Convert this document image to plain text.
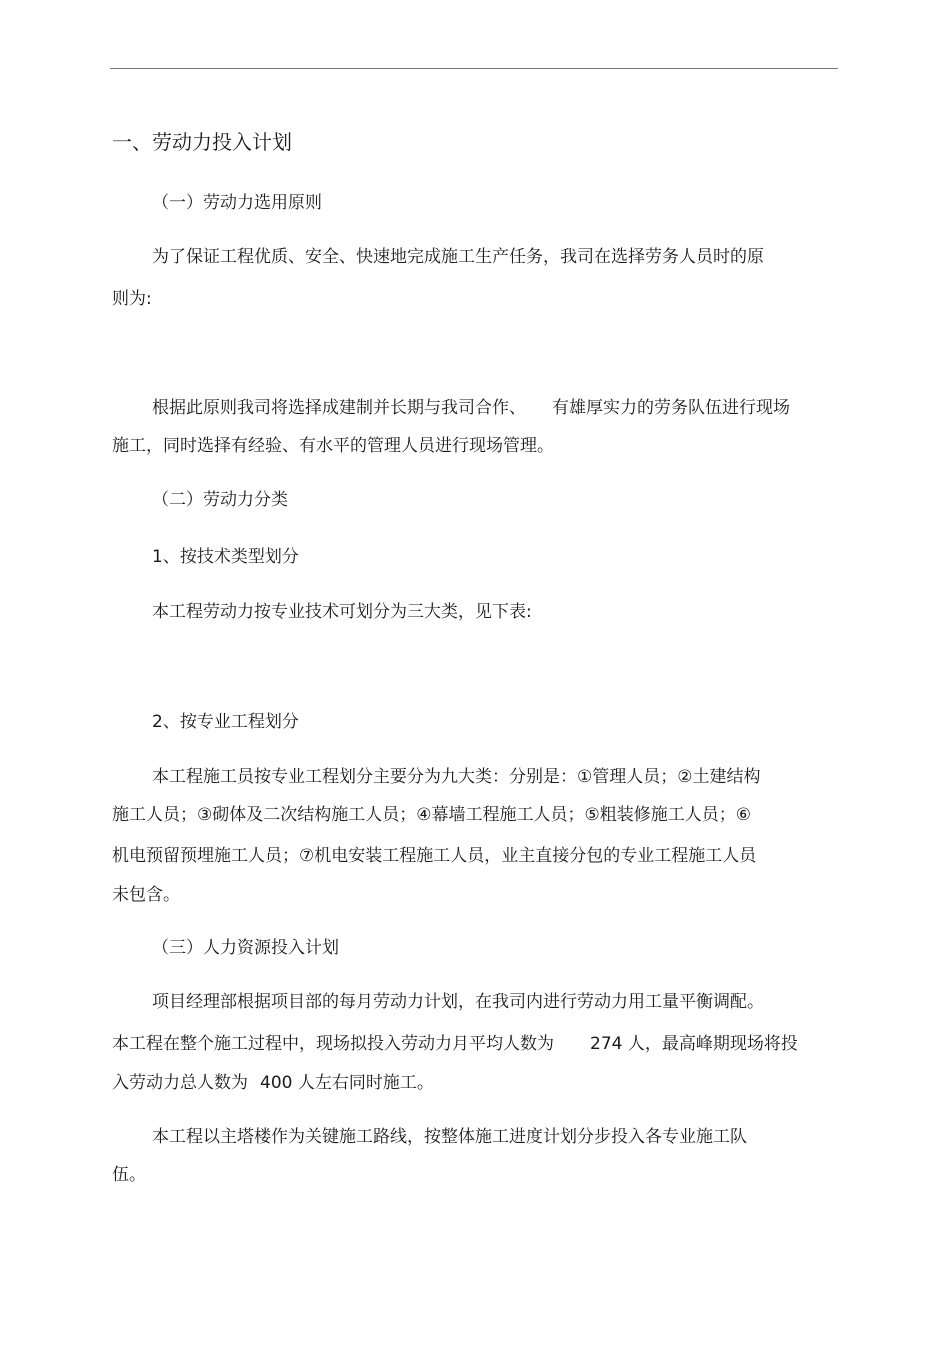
一、劳动力投入计划

（一）劳动力选用原则

为了保证工程优质、安全、快速地完成施工生产任务，我司在选择劳务人员时的原

则为:

根据此原则我司将选择成建制并长期与我司合作、 有雄厚实力的劳务队伍进行现场

施工，同时选择有经验、有水平的管理人员进行现场管理。

（二）劳动力分类

1、按技术类型划分

本工程劳动力按专业技术可划分为三大类，见下表:

2、按专业工程划分

本工程施工员按专业工程划分主要分为九大类：分别是：①管理人员；②土建结构

施工人员；③砌体及二次结构施工人员；④幕墙工程施工人员；⑤粗装修施工人员；⑥

机电预留预埋施工人员；⑦机电安装工程施工人员，业主直接分包的专业工程施工人员

未包含。

（三）人力资源投入计划

项目经理部根据项目部的每月劳动力计划，在我司内进行劳动力用工量平衡调配。

本工程在整个施工过程中，现场拟投入劳动力月平均人数为 274 人，最高峰期现场将投

入劳动力总人数为 400 人左右同时施工。

本工程以主塔楼作为关键施工路线，按整体施工进度计划分步投入各专业施工队

伍。
